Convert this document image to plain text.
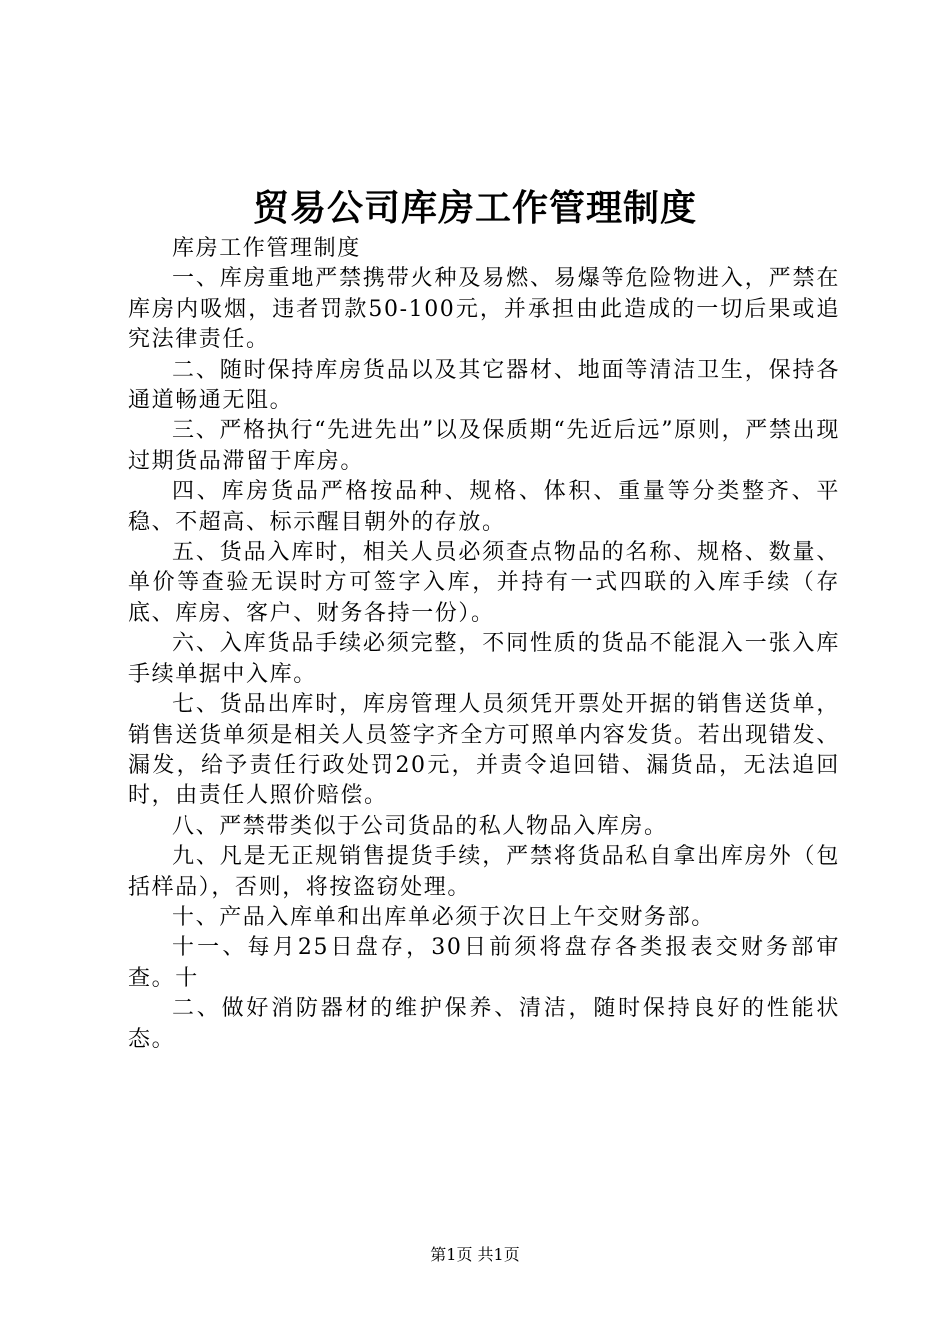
贸易公司库房工作管理制度

库房工作管理制度

一、库房重地严禁携带火种及易燃、易爆等危险物进入，严禁在库房内吸烟，违者罚款50-100元，并承担由此造成的一切后果或追究法律责任。

二、随时保持库房货品以及其它器材、地面等清洁卫生，保持各通道畅通无阻。

三、严格执行“先进先出”以及保质期“先近后远”原则，严禁出现过期货品滞留于库房。

四、库房货品严格按品种、规格、体积、重量等分类整齐、平稳、不超高、标示醒目朝外的存放。

五、货品入库时，相关人员必须查点物品的名称、规格、数量、单价等查验无误时方可签字入库，并持有一式四联的入库手续（存底、库房、客户、财务各持一份）。

六、入库货品手续必须完整，不同性质的货品不能混入一张入库手续单据中入库。

七、货品出库时，库房管理人员须凭开票处开据的销售送货单，销售送货单须是相关人员签字齐全方可照单内容发货。若出现错发、漏发，给予责任行政处罚20元，并责令追回错、漏货品，无法追回时，由责任人照价赔偿。

八、严禁带类似于公司货品的私人物品入库房。

九、凡是无正规销售提货手续，严禁将货品私自拿出库房外（包括样品），否则，将按盗窃处理。

十、产品入库单和出库单必须于次日上午交财务部。

十一、每月25日盘存，30日前须将盘存各类报表交财务部审查。十

二、做好消防器材的维护保养、清洁，随时保持良好的性能状态。

第1页 共1页
